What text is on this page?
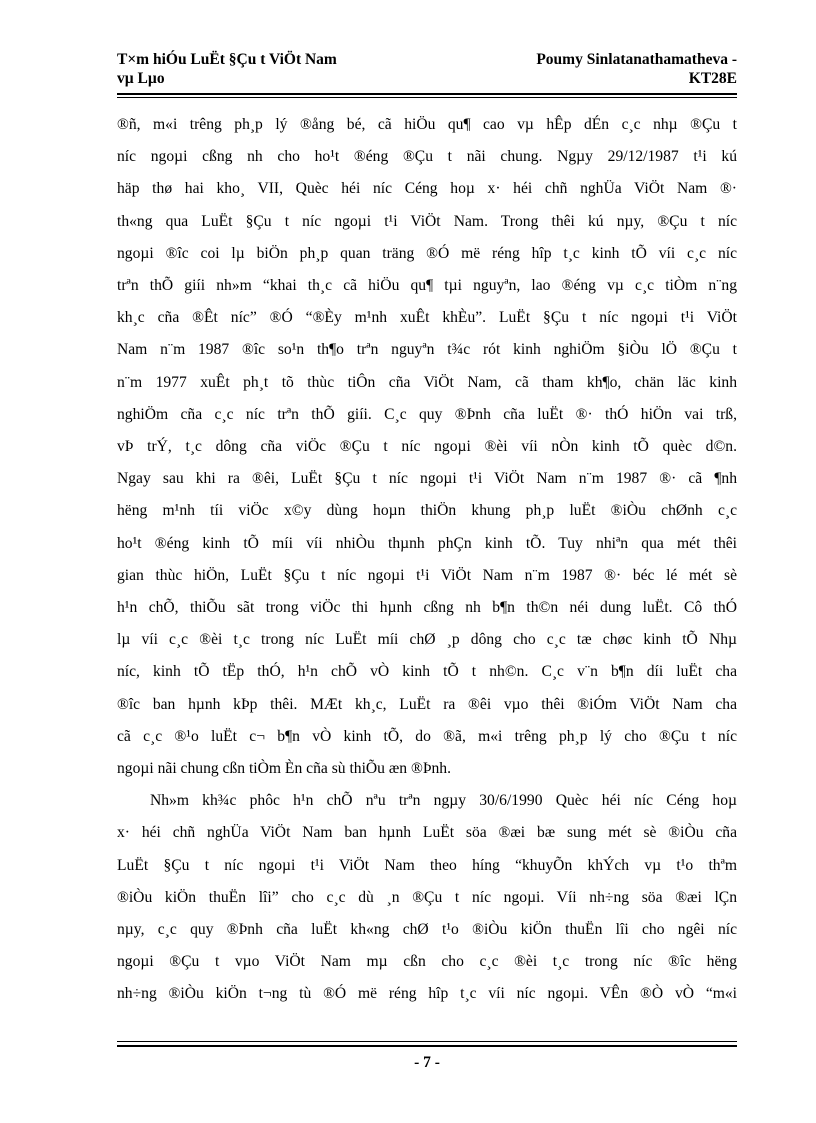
T×m hiÓu LuËt §Çu t ViÖt Nam
vµ Lµo
Poumy Sinlatanathamatheva -
KT28E

®ñ, m«i trêng ph¸p lý ®ång bé, cã hiÖu qu¶ cao vµ hÊp dÉn c¸c nhµ ®Çu t

níc ngoµi cßng nh cho ho¹t ®éng ®Çu t nãi chung. Ngµy 29/12/1987 t¹i kú

häp thø hai kho¸ VII, Quèc héi níc Céng hoµ x· héi chñ nghÜa ViÖt Nam ®·

th«ng qua LuËt §Çu t níc ngoµi t¹i ViÖt Nam. Trong thêi kú nµy, ®Çu t níc

ngoµi ®îc coi lµ biÖn ph¸p quan träng ®Ó më réng hîp t¸c kinh tÕ víi c¸c níc

trªn thÕ giíi nh»m “khai th¸c cã hiÖu qu¶ tµi nguyªn, lao ®éng vµ c¸c tiÒm n¨ng

kh¸c cña ®Êt níc” ®Ó “®Èy m¹nh xuÊt khÈu”. LuËt §Çu t níc ngoµi t¹i ViÖt

Nam n¨m 1987 ®îc so¹n th¶o trªn nguyªn t¾c rót kinh nghiÖm §iÒu lÖ ®Çu t

n¨m 1977 xuÊt ph¸t tõ thùc tiÔn cña ViÖt Nam, cã tham kh¶o, chän läc kinh

nghiÖm cña c¸c níc trªn thÕ giíi. C¸c quy ®Þnh cña luËt ®· thÓ hiÖn vai trß,

vÞ trÝ, t¸c dông cña viÖc ®Çu t níc ngoµi ®èi víi nÒn kinh tÕ quèc d©n.

Ngay sau khi ra ®êi, LuËt §Çu t níc ngoµi t¹i ViÖt Nam n¨m 1987 ®· cã ¶nh

hëng m¹nh tíi viÖc x©y dùng hoµn thiÖn khung ph¸p luËt ®iÒu chØnh c¸c

ho¹t ®éng kinh tÕ míi víi nhiÒu thµnh phÇn kinh tÕ. Tuy nhiªn qua mét thêi

gian thùc hiÖn, LuËt §Çu t níc ngoµi t¹i ViÖt Nam n¨m 1987 ®· béc lé mét sè

h¹n chÕ, thiÕu sãt trong viÖc thi hµnh cßng nh b¶n th©n néi dung luËt. Cô thÓ

lµ víi c¸c ®èi t¸c trong níc LuËt míi chØ ¸p dông cho c¸c tæ chøc kinh tÕ Nhµ

níc, kinh tÕ tËp thÓ, h¹n chÕ vÒ kinh tÕ t nh©n. C¸c v¨n b¶n díi luËt cha

®îc ban hµnh kÞp thêi. MÆt kh¸c, LuËt ra ®êi vµo thêi ®iÓm ViÖt Nam cha

cã c¸c ®¹o luËt c¬ b¶n vÒ kinh tÕ, do ®ã, m«i trêng ph¸p lý cho ®Çu t níc

ngoµi nãi chung cßn tiÒm Èn cña sù thiÕu æn ®Þnh.

Nh»m kh¾c phôc h¹n chÕ nªu trªn ngµy 30/6/1990 Quèc héi níc Céng hoµ

x· héi chñ nghÜa ViÖt Nam ban hµnh LuËt söa ®æi bæ sung mét sè ®iÒu cña

LuËt §Çu t níc ngoµi t¹i ViÖt Nam theo híng “khuyÕn khÝch vµ t¹o thªm

®iÒu kiÖn thuËn lîi” cho c¸c dù ¸n ®Çu t níc ngoµi. Víi nh÷ng söa ®æi lÇn

nµy, c¸c quy ®Þnh cña luËt kh«ng chØ t¹o ®iÒu kiÖn thuËn lîi cho ngêi níc

ngoµi ®Çu t vµo ViÖt Nam mµ cßn cho c¸c ®èi t¸c trong níc ®îc hëng

nh÷ng ®iÒu kiÖn t¬ng tù ®Ó më réng hîp t¸c víi níc ngoµi. VÊn ®Ò vÒ “m«i

- 7 -
